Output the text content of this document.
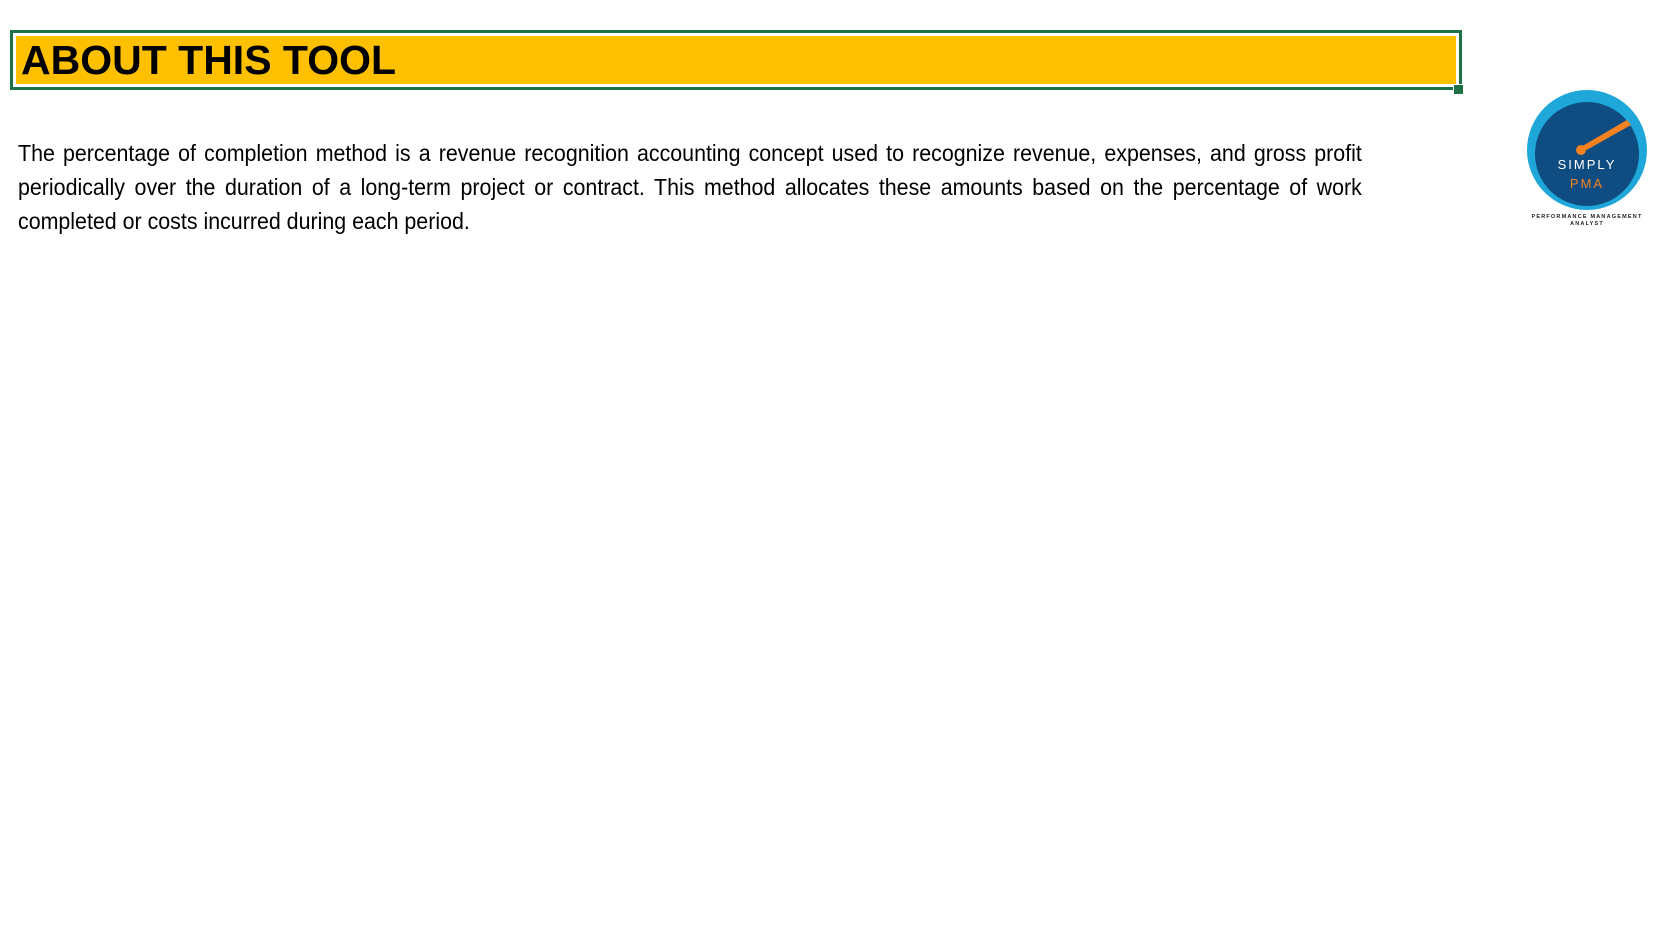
ABOUT THIS TOOL
The percentage of completion method is a revenue recognition accounting concept used to recognize revenue, expenses, and gross profit periodically over the duration of a long-term project or contract. This method allocates these amounts based on the percentage of work completed or costs incurred during each period.
SIMPLY
PMA
PERFORMANCE MANAGEMENT ANALYST
